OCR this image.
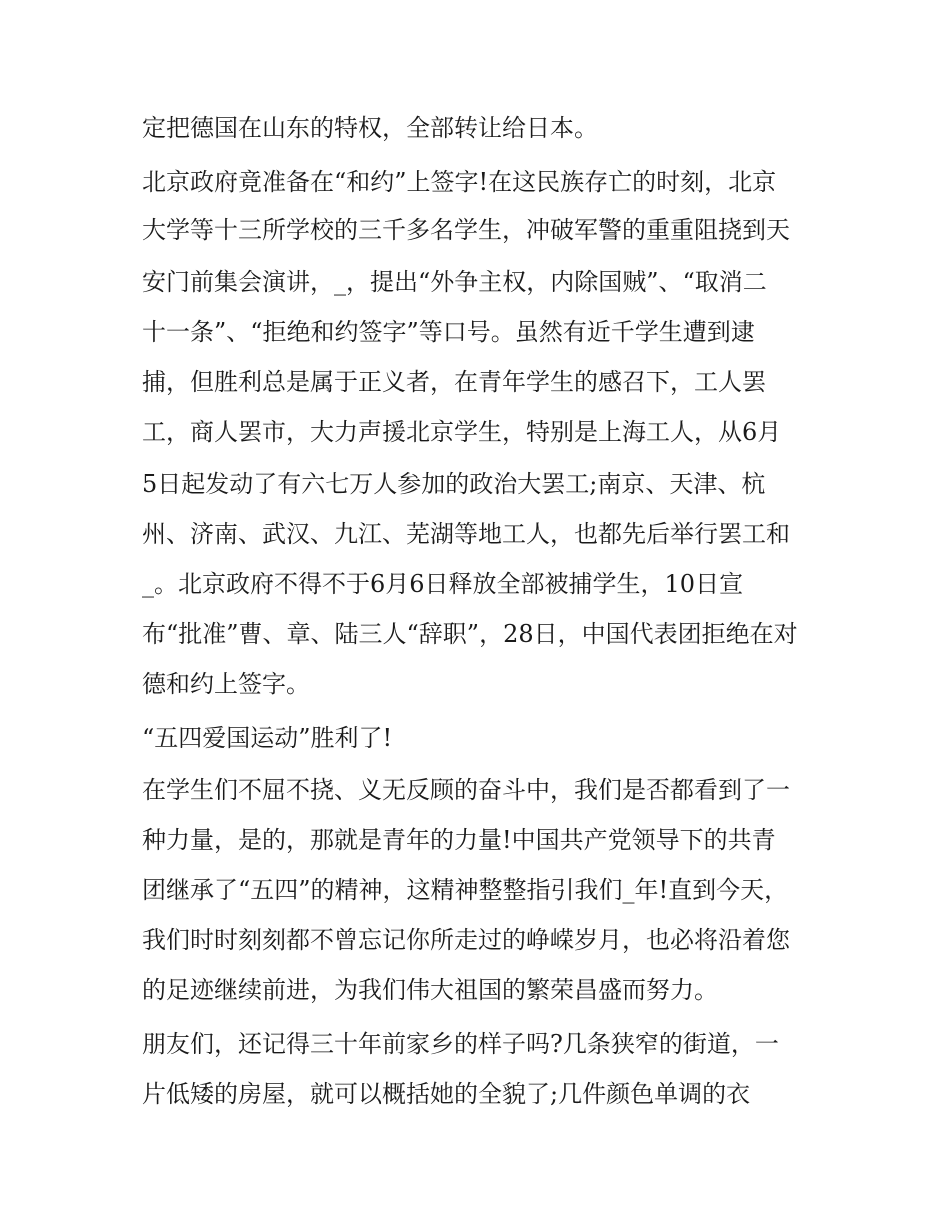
定把德国在山东的特权，全部转让给日本。
北京政府竟准备在“和约”上签字!在这民族存亡的时刻，北京
大学等十三所学校的三千多名学生，冲破军警的重重阻挠到天
安门前集会演讲，_，提出“外争主权，内除国贼”、“取消二
十一条”、“拒绝和约签字”等口号。虽然有近千学生遭到逮
捕，但胜利总是属于正义者，在青年学生的感召下，工人罢
工，商人罢市，大力声援北京学生，特别是上海工人，从6月
5日起发动了有六七万人参加的政治大罢工;南京、天津、杭
州、济南、武汉、九江、芜湖等地工人，也都先后举行罢工和
_。北京政府不得不于6月6日释放全部被捕学生，10日宣
布“批准”曹、章、陆三人“辞职”，28日，中国代表团拒绝在对
德和约上签字。
“五四爱国运动”胜利了!
在学生们不屈不挠、义无反顾的奋斗中，我们是否都看到了一
种力量，是的，那就是青年的力量!中国共产党领导下的共青
团继承了“五四”的精神，这精神整整指引我们_年!直到今天，
我们时时刻刻都不曾忘记你所走过的峥嵘岁月，也必将沿着您
的足迹继续前进，为我们伟大祖国的繁荣昌盛而努力。
朋友们，还记得三十年前家乡的样子吗?几条狭窄的街道，一
片低矮的房屋，就可以概括她的全貌了;几件颜色单调的衣
